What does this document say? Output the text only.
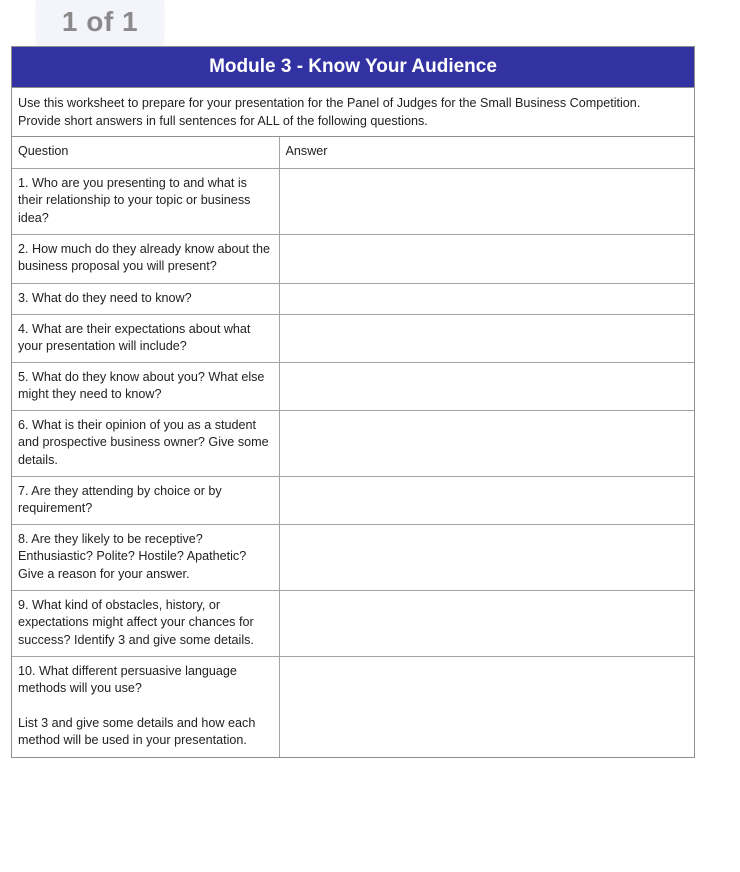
1 of 1
Module 3 - Know Your Audience
Use this worksheet to prepare for your presentation for the Panel of Judges for the Small Business Competition.
Provide short answers in full sentences for ALL of the following questions.
Question	Answer
1. Who are you presenting to and what is their relationship to your topic or business idea?	
2. How much do they already know about the business proposal you will present?	
3. What do they need to know?	
4. What are their expectations about what your presentation will include?	
5. What do they know about you? What else might they need to know?	
6. What is their opinion of you as a student and prospective business owner? Give some details.	
7. Are they attending by choice or by requirement?	
8. Are they likely to be receptive? Enthusiastic? Polite? Hostile? Apathetic? Give a reason for your answer.	
9. What kind of obstacles, history, or expectations might affect your chances for success? Identify 3 and give some details.	

10. What different persuasive language methods will you use?
List 3 and give some details and how each method will be used in your presentation.	
